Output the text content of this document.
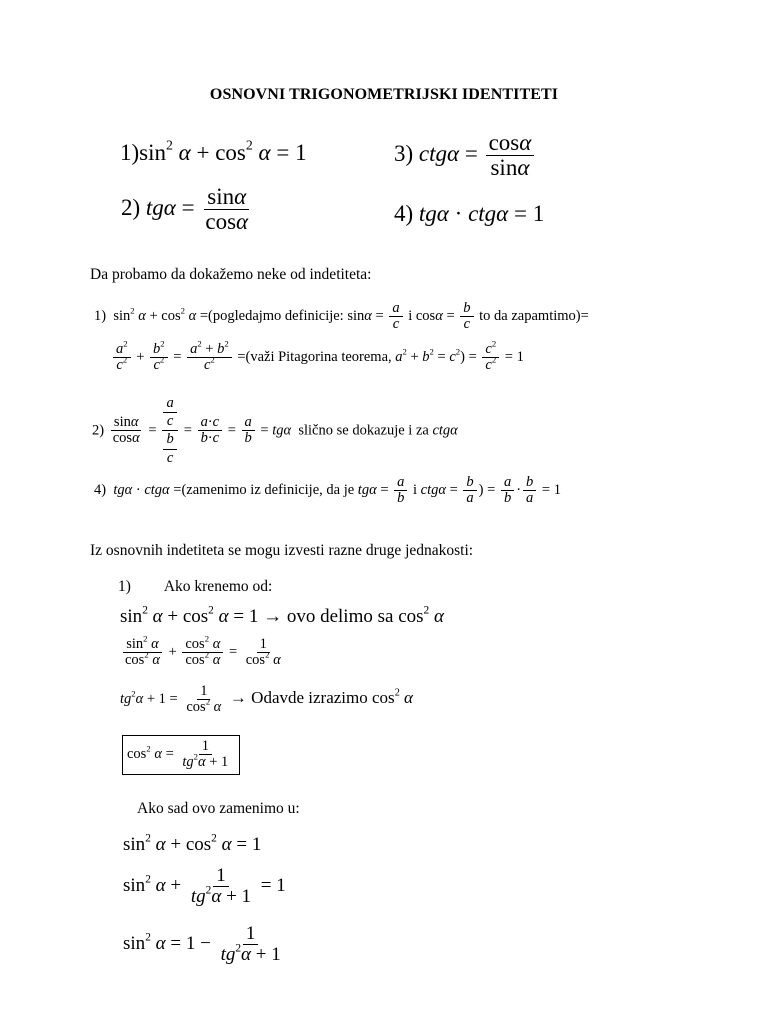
OSNOVNI TRIGONOMETRIJSKI IDENTITETI
$1)\sin^2$ $\alpha + \cos^2 \alpha = 1$	3) $ctg\alpha = \frac{\cos\alpha}{\sin\alpha}$
2) $tg\alpha = \frac{\sin\alpha}{\cos\alpha}$	4) tgα · ctgα = 1
Da probamo da dokažemo neke od indetiteta:
1)  $\sin^2 \alpha + \cos^2 \alpha$ =(pogledajmo definicije: $\sin\alpha = \frac{a}{c}$ i $\cos\alpha = \frac{b}{c}$ to da zapamtimo)=
$\frac{a^2}{c^2} + \frac{b^2}{c^2} = \frac{a^2 + b^2}{c^2}$ =(važi Pitagorina teorema, $a^2 + b^2 = c^2) = \frac{c^2}{c^2} = 1$
$2) \frac{\sin\alpha}{\cos\alpha}$ =
a
c
b
c
= $\frac{a\cdot c}{b\cdot c} = \frac{a}{b} = tg\alpha$ slično se dokazuje i za ctgα
4) tgα · ctgα =(zamenimo iz definicije, da je $tg\alpha = \frac{a}{b}$ i $ctg\alpha = \frac{b}{a}$ ) = $\frac{a}{b} \cdot \frac{b}{a} = 1$
Iz osnovnih indetiteta se mogu izvesti razne druge jednakosti:
1) Ako krenemo od:
$\sin^2 \alpha + \cos^2 \alpha = 1$ → ovo delimo sa $\cos^2 \alpha$
$\frac{\sin^2 \alpha}{\cos^2 \alpha} + \frac{\cos^2 \alpha}{\cos^2 \alpha} = \frac{1}{\cos^2 \alpha}$
$tg^2\alpha + 1 = \frac{1}{\cos^2 \alpha}$ → Odavde izrazimo $\cos^2 \alpha$
$\cos^2 \alpha = \frac{1}{tg^2\alpha + 1}$
Ako sad ovo zamenimo u:
$\sin^2 \alpha + \cos^2 \alpha = 1$
$\sin^2 \alpha + \frac{1}{tg^2\alpha + 1} = 1$
$\sin^2 \alpha = 1 - \frac{1}{tg^2\alpha + 1}$
